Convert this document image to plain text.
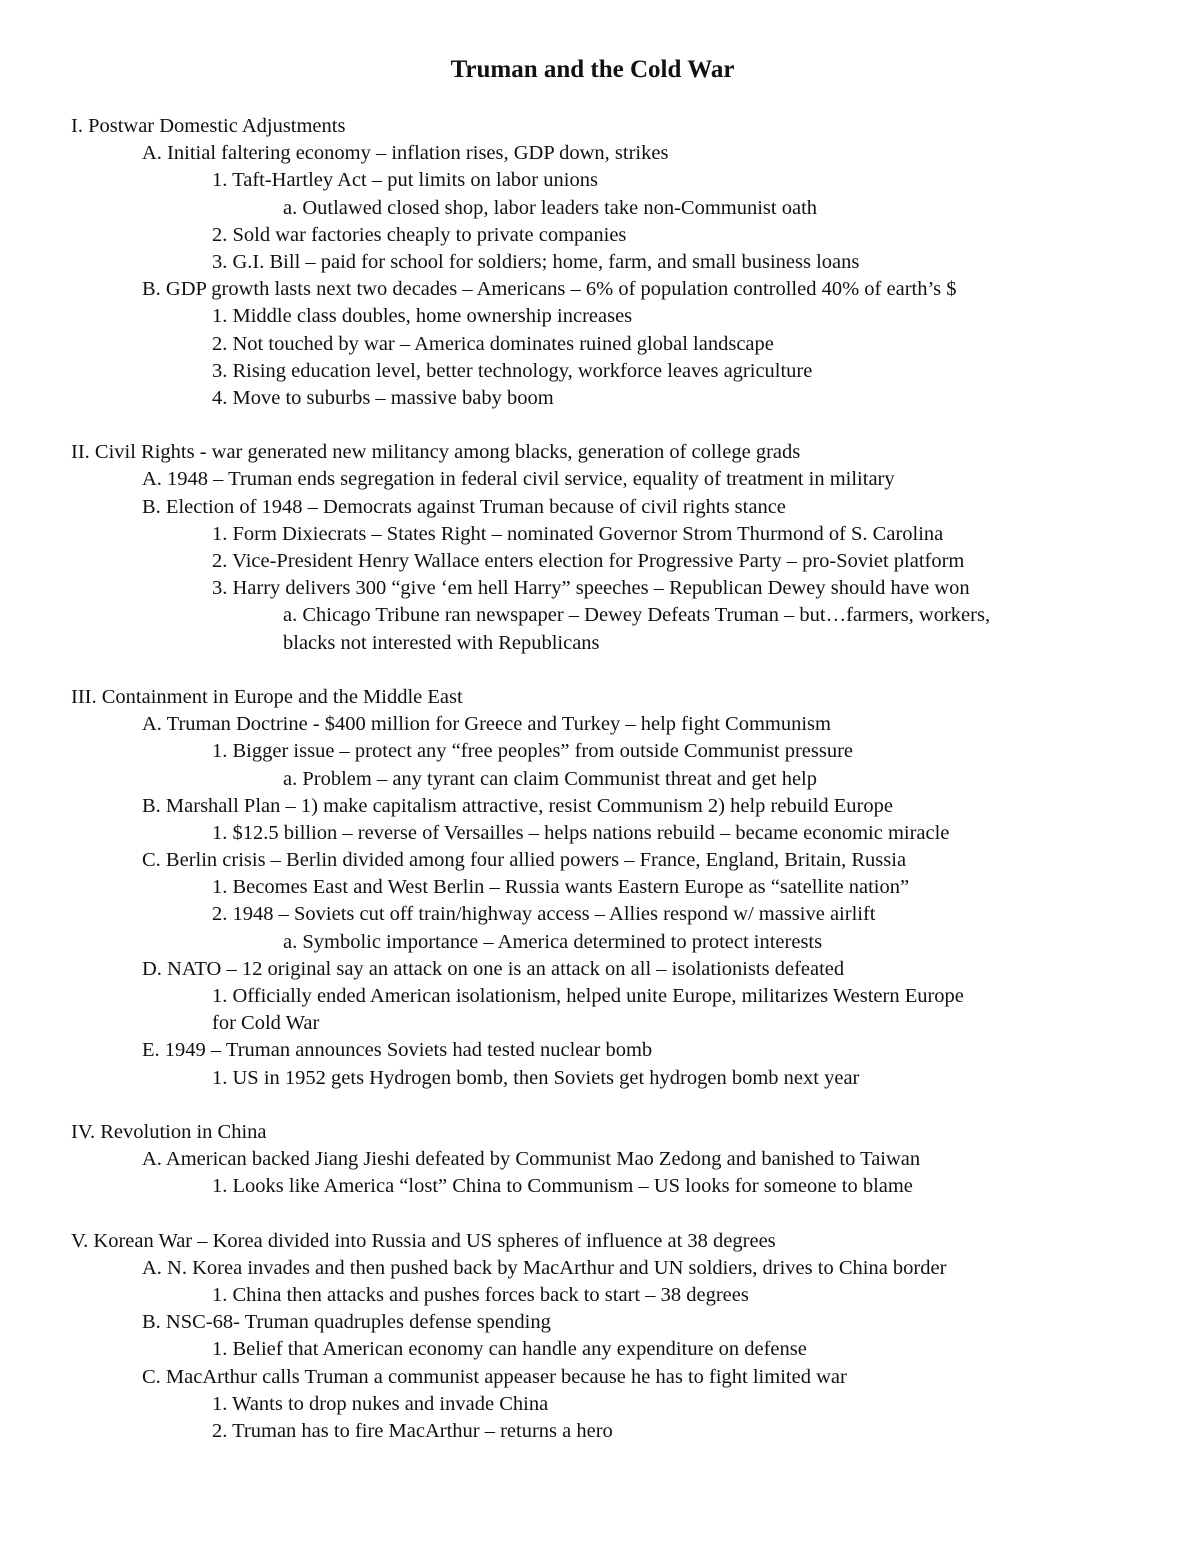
Truman and the Cold War
I. Postwar Domestic Adjustments
A. Initial faltering economy – inflation rises, GDP down, strikes
1. Taft-Hartley Act – put limits on labor unions
a. Outlawed closed shop, labor leaders take non-Communist oath
2. Sold war factories cheaply to private companies
3. G.I. Bill – paid for school for soldiers; home, farm, and small business loans
B. GDP growth lasts next two decades – Americans – 6% of population controlled 40% of earth’s $
1. Middle class doubles, home ownership increases
2. Not touched by war – America dominates ruined global landscape
3. Rising education level, better technology, workforce leaves agriculture
4. Move to suburbs – massive baby boom
II. Civil Rights - war generated new militancy among blacks, generation of college grads
A. 1948 – Truman ends segregation in federal civil service, equality of treatment in military
B. Election of 1948 – Democrats against Truman because of civil rights stance
1. Form Dixiecrats – States Right – nominated Governor Strom Thurmond of S. Carolina
2. Vice-President Henry Wallace enters election for Progressive Party – pro-Soviet platform
3. Harry delivers 300 “give ‘em hell Harry” speeches – Republican Dewey should have won
a. Chicago Tribune ran newspaper – Dewey Defeats Truman – but…farmers, workers,
blacks not interested with Republicans
III. Containment in Europe and the Middle East
A. Truman Doctrine - $400 million for Greece and Turkey – help fight Communism
1. Bigger issue – protect any “free peoples” from outside Communist pressure
a. Problem – any tyrant can claim Communist threat and get help
B. Marshall Plan – 1) make capitalism attractive, resist Communism 2) help rebuild Europe
1. $12.5 billion – reverse of Versailles – helps nations rebuild – became economic miracle
C. Berlin crisis – Berlin divided among four allied powers – France, England, Britain, Russia
1. Becomes East and West Berlin – Russia wants Eastern Europe as “satellite nation”
2. 1948 – Soviets cut off train/highway access – Allies respond w/ massive airlift
a. Symbolic importance – America determined to protect interests
D. NATO – 12 original say an attack on one is an attack on all – isolationists defeated
1. Officially ended American isolationism, helped unite Europe, militarizes Western Europe
for Cold War
E. 1949 – Truman announces Soviets had tested nuclear bomb
1. US in 1952 gets Hydrogen bomb, then Soviets get hydrogen bomb next year
IV. Revolution in China
A. American backed Jiang Jieshi defeated by Communist Mao Zedong and banished to Taiwan
1. Looks like America “lost” China to Communism – US looks for someone to blame
V. Korean War – Korea divided into Russia and US spheres of influence at 38 degrees
A. N. Korea invades and then pushed back by MacArthur and UN soldiers, drives to China border
1. China then attacks and pushes forces back to start – 38 degrees
B. NSC-68- Truman quadruples defense spending
1. Belief that American economy can handle any expenditure on defense
C. MacArthur calls Truman a communist appeaser because he has to fight limited war
1. Wants to drop nukes and invade China
2. Truman has to fire MacArthur – returns a hero
